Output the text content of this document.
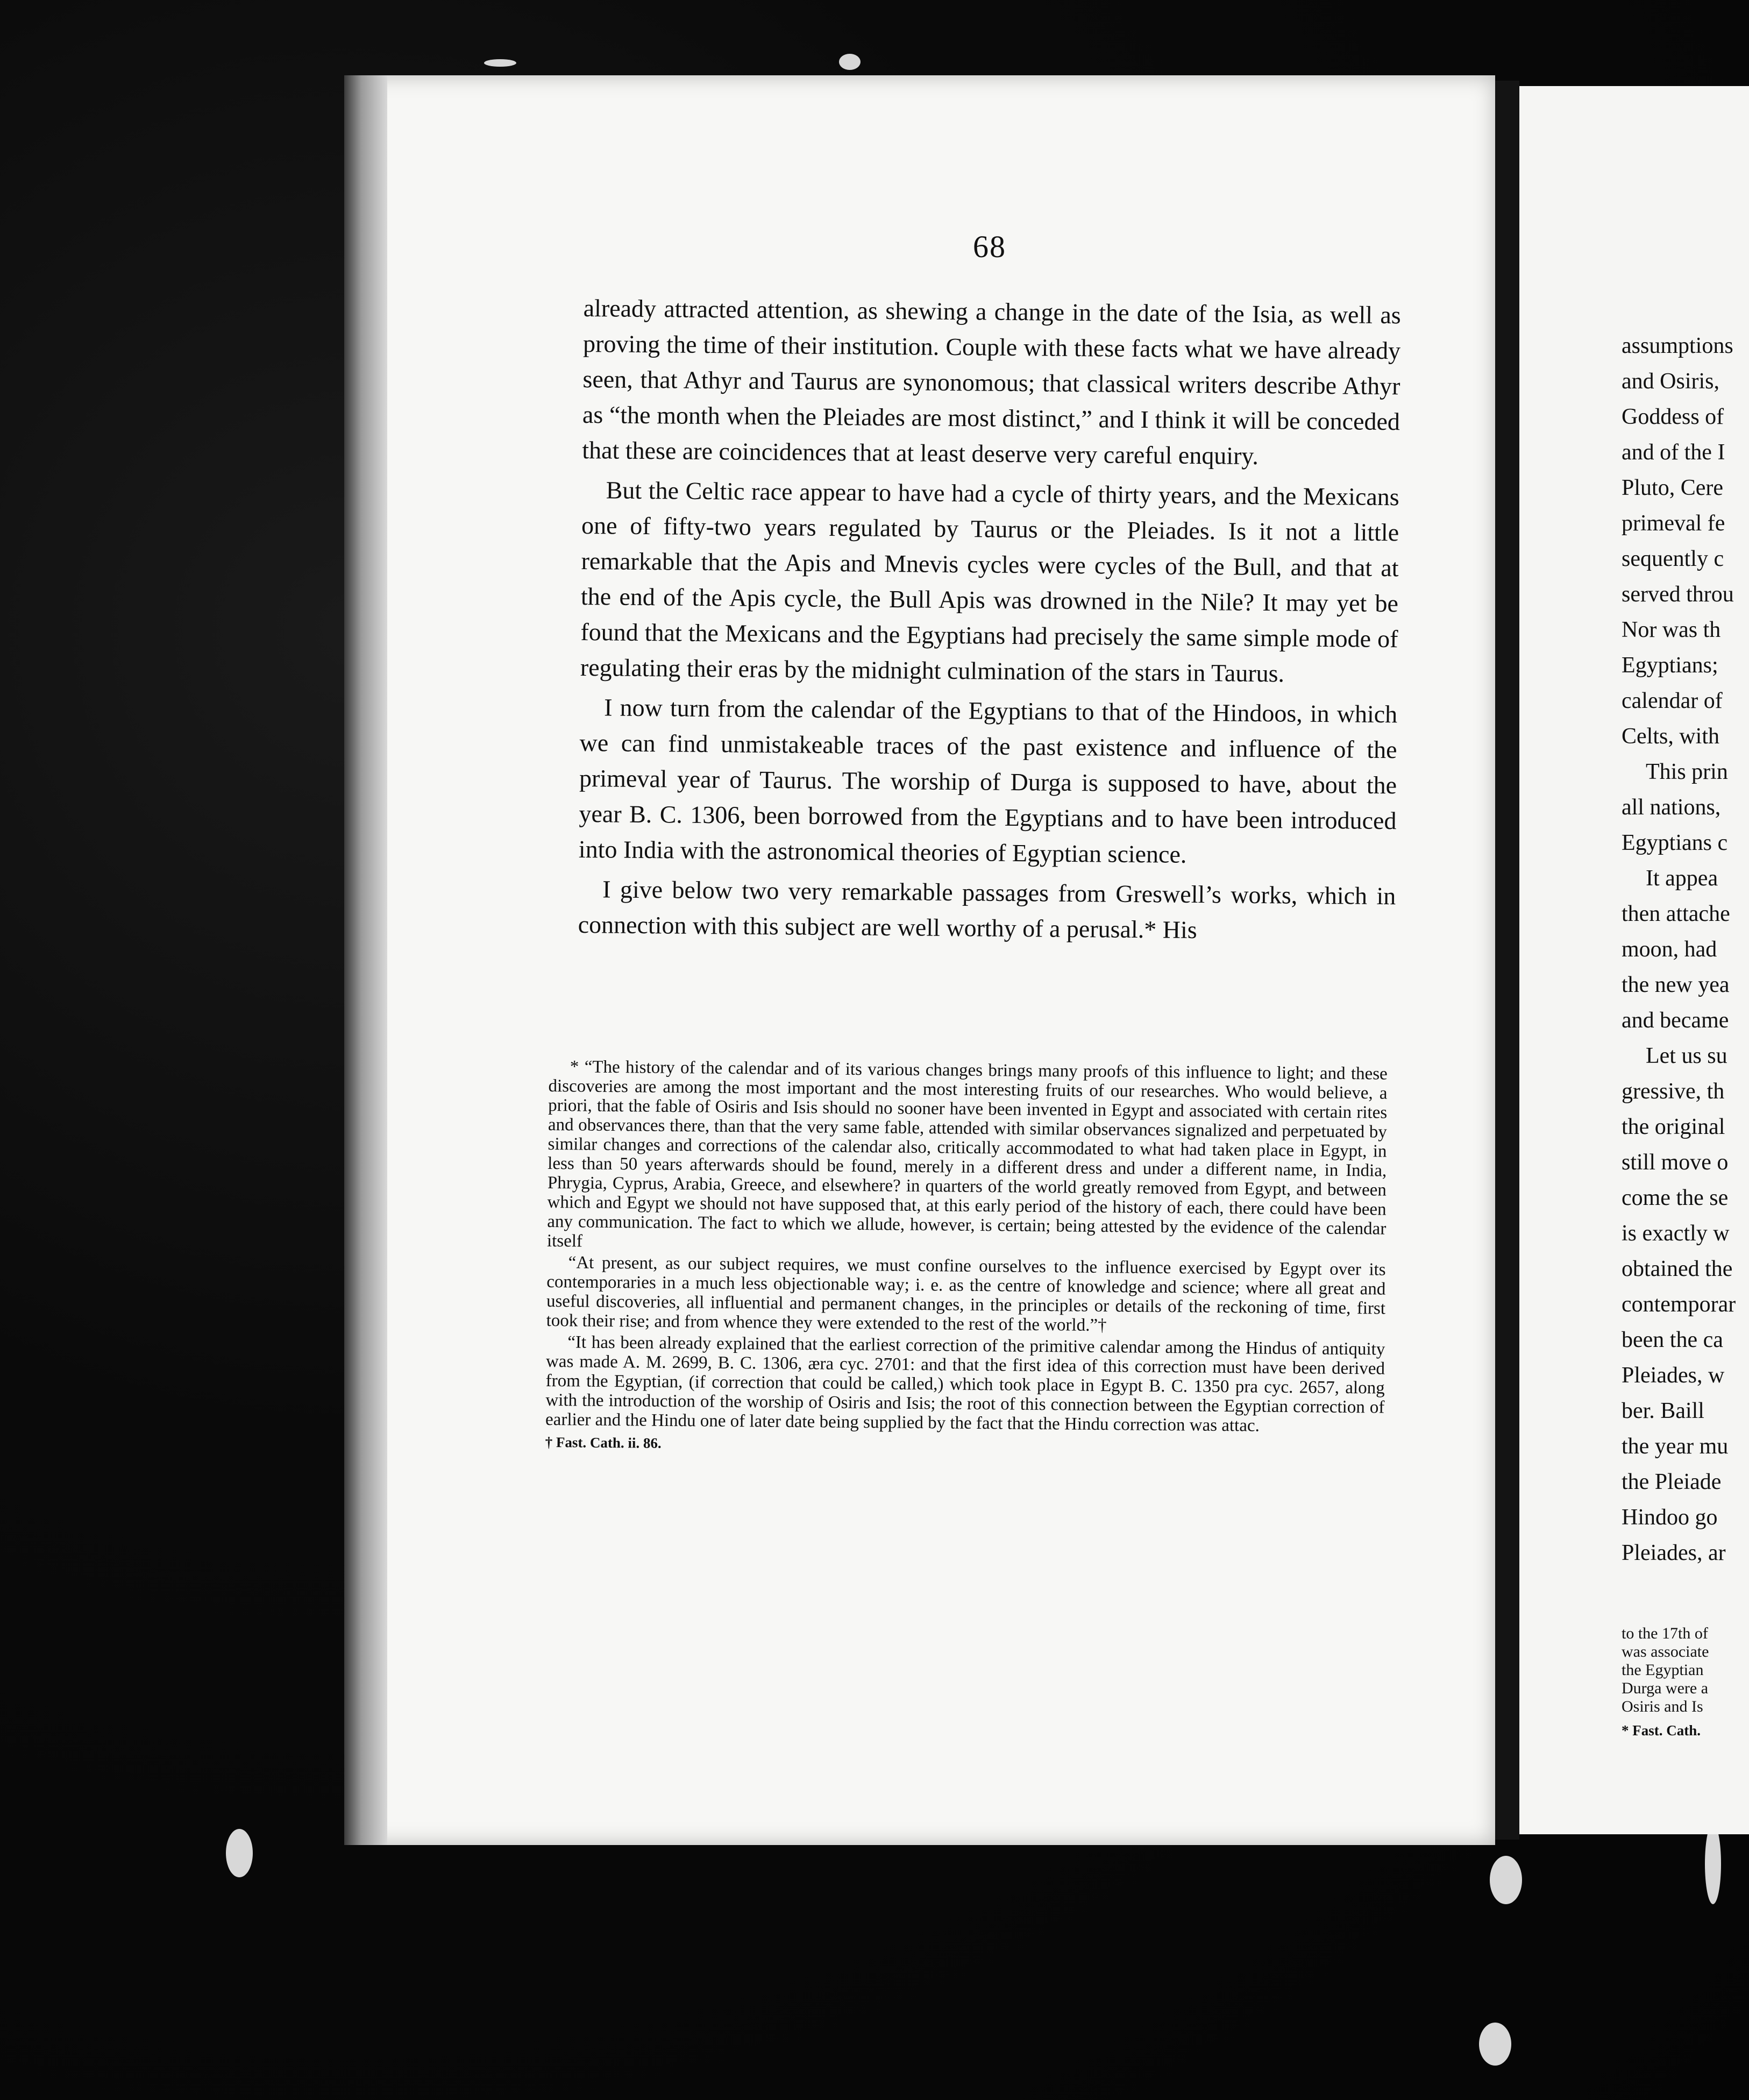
68

already attracted attention, as shewing a change in the date of the Isia, as well as proving the time of their institution. Couple with these facts what we have already seen, that Athyr and Taurus are synonomous; that classical writers describe Athyr as “the month when the Pleiades are most distinct,” and I think it will be conceded that these are coincidences that at least deserve very careful enquiry.

But the Celtic race appear to have had a cycle of thirty years, and the Mexicans one of fifty-two years regulated by Taurus or the Pleiades. Is it not a little remarkable that the Apis and Mnevis cycles were cycles of the Bull, and that at the end of the Apis cycle, the Bull Apis was drowned in the Nile? It may yet be found that the Mexicans and the Egyptians had precisely the same simple mode of regulating their eras by the midnight culmination of the stars in Taurus.

I now turn from the calendar of the Egyptians to that of the Hindoos, in which we can find unmistakeable traces of the past existence and influence of the primeval year of Taurus. The worship of Durga is supposed to have, about the year B. C. 1306, been borrowed from the Egyptians and to have been introduced into India with the astronomical theories of Egyptian science.

I give below two very remarkable passages from Greswell’s works, which in connection with this subject are well worthy of a perusal.* His

* “The history of the calendar and of its various changes brings many proofs of this influence to light; and these discoveries are among the most important and the most interesting fruits of our researches. Who would believe, a priori, that the fable of Osiris and Isis should no sooner have been invented in Egypt and associated with certain rites and observances there, than that the very same fable, attended with similar observances signalized and perpetuated by similar changes and corrections of the calendar also, critically accommodated to what had taken place in Egypt, in less than 50 years afterwards should be found, merely in a different dress and under a different name, in India, Phrygia, Cyprus, Arabia, Greece, and elsewhere? in quarters of the world greatly removed from Egypt, and between which and Egypt we should not have supposed that, at this early period of the history of each, there could have been any communication. The fact to which we allude, however, is certain; being attested by the evidence of the calendar itself

“At present, as our subject requires, we must confine ourselves to the influence exercised by Egypt over its contemporaries in a much less objectionable way; i. e. as the centre of knowledge and science; where all great and useful discoveries, all influential and permanent changes, in the principles or details of the reckoning of time, first took their rise; and from whence they were extended to the rest of the world.”†

“It has been already explained that the earliest correction of the primitive calendar among the Hindus of antiquity was made A. M. 2699, B. C. 1306, æra cyc. 2701: and that the first idea of this correction must have been derived from the Egyptian, (if correction that could be called,) which took place in Egypt B. C. 1350 pra cyc. 2657, along with the introduction of the worship of Osiris and Isis; the root of this connection between the Egyptian correction of earlier and the Hindu one of later date being supplied by the fact that the Hindu correction was attac.

† Fast. Cath. ii. 86.

assumptions
and Osiris,
Goddess of
and of the I
Pluto, Cere
primeval fe
sequently c
served throu
Nor was th
Egyptians;
calendar of
Celts, with
This prin
all nations,
Egyptians c
It appea
then attache
moon, had
the new yea
and became
Let us su
gressive, th
the original
still move o
come the se
is exactly w
obtained the
contemporar
been the ca
Pleiades, w
ber. Baill
the year mu
the Pleiade
Hindoo go
Pleiades, ar
to the 17th of
was associate
the Egyptian
Durga were a
Osiris and Is
* Fast. Cath.
